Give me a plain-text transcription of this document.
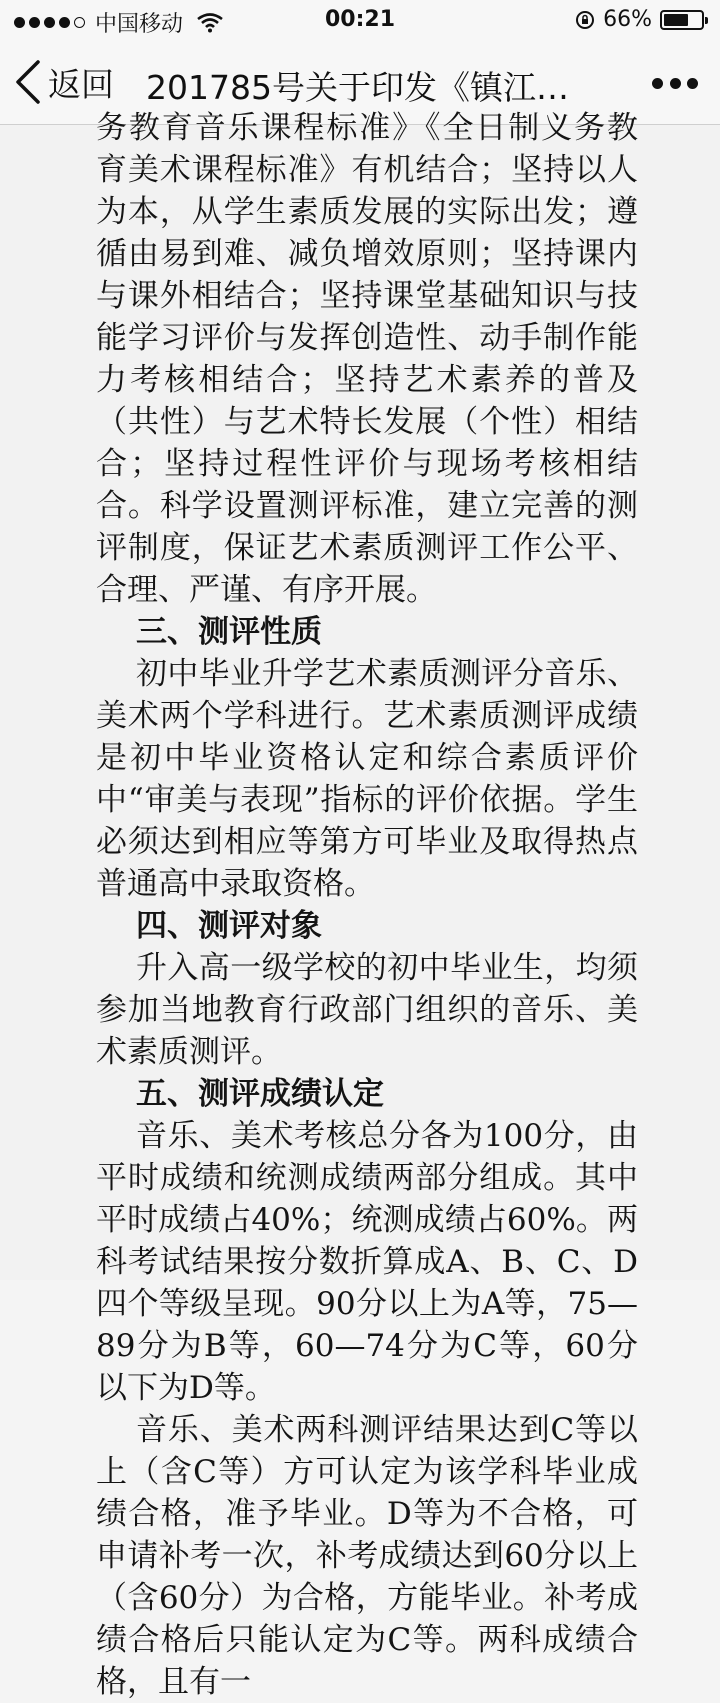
中国移动	00:21	66%
返回 201785号关于印发《镇江…

务教育音乐课程标准》《全日制义务教育美术课程标准》有机结合；坚持以人为本，从学生素质发展的实际出发；遵循由易到难、减负增效原则；坚持课内与课外相结合；坚持课堂基础知识与技能学习评价与发挥创造性、动手制作能力考核相结合；坚持艺术素养的普及（共性）与艺术特长发展（个性）相结合；坚持过程性评价与现场考核相结合。科学设置测评标准，建立完善的测评制度，保证艺术素质测评工作公平、合理、严谨、有序开展。

三、测评性质

初中毕业升学艺术素质测评分音乐、美术两个学科进行。艺术素质测评成绩是初中毕业资格认定和综合素质评价中“审美与表现”指标的评价依据。学生必须达到相应等第方可毕业及取得热点普通高中录取资格。

四、测评对象

升入高一级学校的初中毕业生，均须参加当地教育行政部门组织的音乐、美术素质测评。

五、测评成绩认定

音乐、美术考核总分各为100分，由平时成绩和统测成绩两部分组成。其中平时成绩占40%；统测成绩占60%。两科考试结果按分数折算成A、B、C、D四个等级呈现。90分以上为A等，75—89分为B等，60—74分为C等，60分以下为D等。

音乐、美术两科测评结果达到C等以上（含C等）方可认定为该学科毕业成绩合格，准予毕业。D等为不合格，可申请补考一次，补考成绩达到60分以上（含60分）为合格，方能毕业。补考成绩合格后只能认定为C等。两科成绩合格，且有一
